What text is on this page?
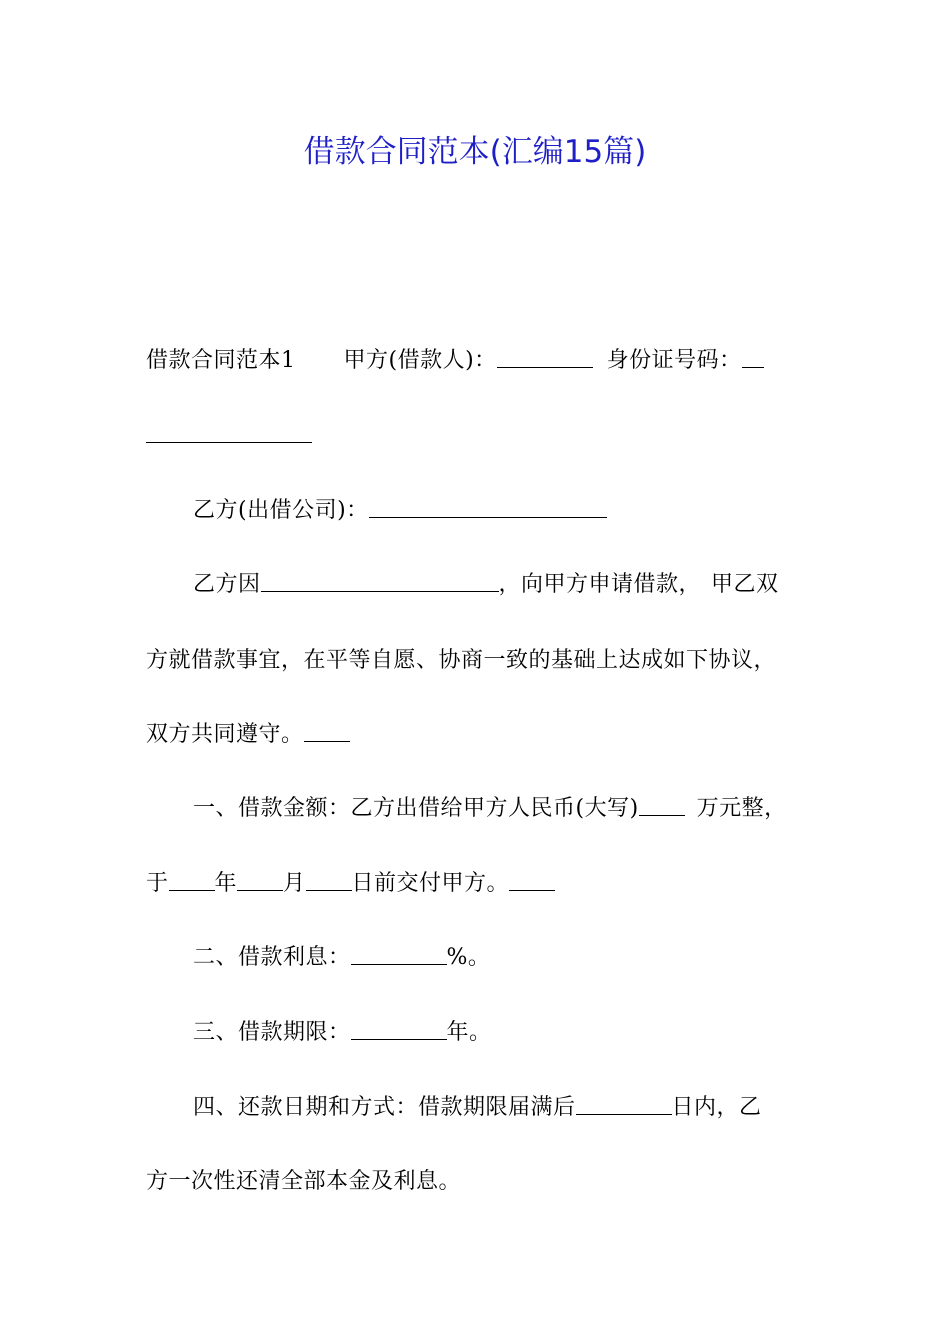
借款合同范本(汇编15篇)
借款合同范本1 甲方(借款人)：	身份证号码：
乙方(出借公司)：
乙方因	，向甲方申请借款， 甲乙双
方就借款事宜，在平等自愿、协商一致的基础上达成如下协议，
双方共同遵守。
一、借款金额：乙方出借给甲方人民币(大写)	万元整，
于 年 月 日前交付甲方。
二、借款利息：	%。
三、借款期限：	年。
四、还款日期和方式：借款期限届满后	日内，乙
方一次性还清全部本金及利息。
